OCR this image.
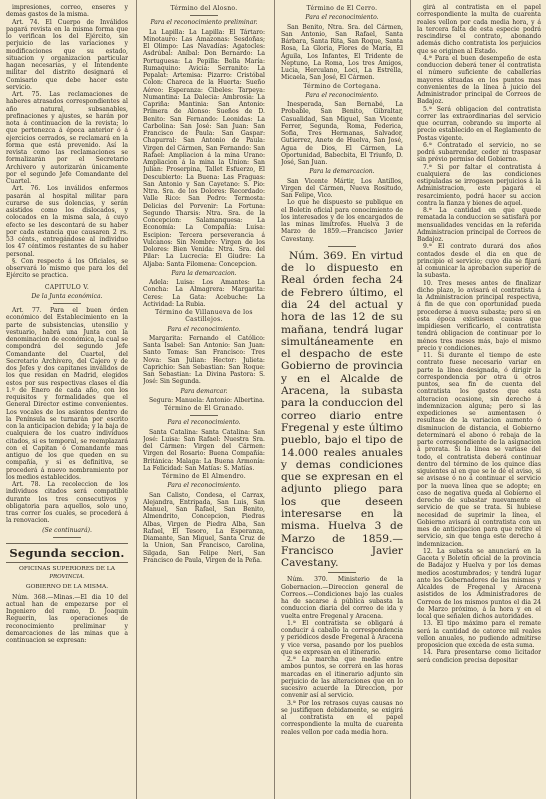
impresiones, correo, enseres y demas gastos de la misma.

Art. 74. El Cuerpo de Inválidos pagará revista en la misma forma que lo verifican los del Ejército, sin perjuicio de las variaciones y modificaciones que su estado, situacion y organizacion particular hagan necesarias, y el Intendente militar del distrito designará el Comisario que debe hacer este servicio.

Art. 75. Las reclamaciones de haberes atrasados correspondientes al año natural, subsanables, prefinaciones y ajustes, se harán por nota á continuacion de la revista; lo que pertenezca á época anterior ó á ejercicios cerrados, se reclamará en la forma que está prevenido. Así la revista como las reclamaciones se formalizarán por el Secretario Archivero y autorizarán únicamente por el segundo Jefe Comandante del Cuartel.

Art. 76. Los inválidos enfermos pasarán al hospital militar para curarse de sus dolencias, y serán asistidos como los dislocados, y colocados en la misma sala, á cuyo efecto se les descontará de su haber por cada estancia que causaren 2 rs. 53 cénts., entregándose al individuo los 47 céntimos restantes de su haber personal.

§. Con respecto á los Oficiales, se observará lo mismo que para los del Ejército se practica.

CAPITULO V.

De la Junta económica.

Art. 77. Para el buen órden económico del Establecimiento en la parte de subsistencias, utensilio y vestuario, habrá una Junta con la denominacion de económica, la cual se compondrá del segundo Jefe Comandante del Cuartel, del Secretario Archivero, del Cajero y de dos Jefes y dos capitanes inválidos de los que residan en Madrid, elegidos estos por sus respectivas clases el día 1.º de Enero de cada año, con los requisitos y formalidades que el General Director estime convenientes. Los vocales de los asientos dentro de la Península se turnarán por escrito con la anticipacion debida; y la baja de cualquiera de los cuatro individuos citados, si es temporal, se reemplazará con el Capitan ó Comandante mas antiguo de los que queden en su compañía, y si es definitiva, se procederá á nuevo nombramiento por los medios establecidos.

Art. 78. La recoleccion de los individuos citados será compatible durante los tres consecutivos y obligatoria para aquellos, solo uno, tras correr los cuales, se procederá á la renovacion.

(Se continuará).

Segunda seccion.

OFICINAS SUPERIORES DE LA

PROVINCIA.

GOBIERNO DE LA MISMA.

Núm. 368.—Minas.—El dia 10 del actual han de empezarse por el Ingeniero del ramo, D. Joaquin Reguerin, las operaciones de reconocimiento preliminar y demarcaciones de las minas que a continuacion se expresan:

Término del Alosno.

Para el reconocimiento preliminar.

La Lapilla: La Lapilla: El Tártaro: Minotauro: Las Amazonas: Sesdoñas; El Olimpo: Las Navadías: Agatocles: Asdrúbal: Aníbal: Don Bernardo: La Portuguesa: La Pepilla: Bella María: Rumaquino: Avicia: Serranito: La Pepalat: Artemisa: Pizarro: Cristóbal Colon: Chareca de la Huerta: Sueño Aéreo: Esperanza: Cibeles: Tarpeya: Numantina: La Dalecia: Ambrosia: La Capriña: Mantinia: San Antonio: Primera de Alonso: Sueños de D. Benito: San Fernando: Leonidas: La Carbolina: San José: San Juan: San Francisco de Paula: San Gaspar: Chapurral: San Antonio de Paula: Virgen del Cármen, San Fernando: San Rafael: Ampliacion á la mina Urano: Ampliacion á la mina la Union: San Julian: Proserpina, Tallet Esfuerzo, El Descubierto: La Buena: Las Fraguas: San Antonio y San Cayetano: S. Pio: Ntra. Sra. de los Dolores: Recordado: Valle Rico: San Pedro: Termosta: Delicias del Porvenir: La Fortuna: Segundo Tharsis: Ntra. Sra. de la Concepcion: Salamanquesa: La Economía: La Compañía: Luisa: Escipion: Tercera perseverancia á Vulcanos: Sin Nombre: Virgen de los Dolores: Bien Venida: Ntra. Sra. del Pilar: La Lucrecia: El Giudre: La Aljaba: Santa Filomena: Concepcion.

Para la demarcacion.

Adela: Luisa: Los Amantes: La Concha: La Almagrera: Margarita: Ceres: La Gata: Acebuche: La Actividad: La Rubia.

Término de Villanueva de los Castillejos.

Para el reconocimiento.

Margarita: Fernando el Católico: Santa Isabel: San Antonio: San Juan: Santo Tomas: San Francisco: Tres Nova: San Julian: Hector: Julieta: Caprichio: San Sebastian: San Roque: San Sebastian: La Divina Pastora: S. José: Sin Segunda.

Para demarcar.

Segura: Manuela: Antonio: Albertina.

Término de El Granado.

Para el reconocimiento.

Santa Catalina: Santa Catalina: San José: Luisa: San Rafael: Nuestra Sra. del Cármen: Virgen del Cármen: Virgen del Rosario: Buena Compañía: Británica: Malaga: La Buena Armonía: La Felicidad: San Matías: S. Matías.

Término de El Almendro.

Para el reconocimiento.

San Calisto, Condesa, el Carrax, Alejandra, Entripada, San Luis, San Manuel, San Rafael, San Benito, Almendrito, Concepcion, Piedras Albas, Virgen de Piedra Alba, San Rafael, El Tesoro, La Esperanza, Diamante, San Miguel, Santa Cruz de la Union, San Francisco, Carolina, Silgada, San Felipe Neri, San Francisco de Paula, Virgen de la Peña.

Término de El Cerro.

Para el reconocimiento.

San Benito, Ntra. Sra. del Cármen, San Antonio, San Rafael, Santa Bárbara, Santa Rita, San Roque, Santa Rosa, La Gloria, Flores de María, El Águila, Los Infantes, El Tridente de Neptuno, La Roma, Los tres Amigos, Lucia, Herculano, Loci, La Estrella, Micaela, San José, El Cármen.

Término de Cortegana.

Para el reconocimiento.

Inesperada, San Bernabé, La Probable, San Benito, Gibraltar, Casualidad, San Miguel, San Vicente Ferrer, Segunda, Roma, Federica, Sofia, Tres Hermanas, Salvador, Gutierrez, Anete de Huelva, San José, Agua de Dios, El Cármen, La Oportunidad, Babecbita, El Triunfo, D. José, San Juan.

Para la demarcacion.

San Vicente Mártir, Los Antillos, Virgen del Cármen, Nueva Rositudo, San Felipe, Vico.

Lo que he dispuesto se publique en el Boletín oficial para conocimiento de los interesados y de los encargados de las minas limítrofes. Huelva 3 de Marzo de 1859.—Francisco Javier Cavestany.

Núm. 369. En virtud de lo dispuesto en Real órden fecha 24 de Febrero último, el dia 24 del actual y hora de las 12 de su mañana, tendrá lugar simultáneamente en el despacho de este Gobierno de provincia y en el Alcalde de Aracena, la subasta para la conduccion del correo diario entre Fregenal y este último pueblo, bajo el tipo de 14.000 reales anuales y demas condiciones que se expresan en el adjunto pliego para los que deseen interesarse en la misma. Huelva 3 de Marzo de 1859.—Francisco Javier Cavestany.

Núm. 370. Ministerio de la Gobernacion.—Direccion general de Correos.—Condiciones bajo las cuales ha de sacarse á pública subasta la conduccion diaria del correo de ida y vuelta entre Fregenal y Aracena.

1.ª El contratista se obligará á conducir á caballo la correspondencia y periódicos desde Fregenal á Aracena y vice versa, pasando por los pueblos que se expresan en el itinerario.

2.ª La marcha que medie entre ambos puntos, se correrá en las horas marcadas en el itinerario adjunto sin perjuicio de las alteraciones que en lo sucesivo acuerde la Direccion, por convenir así al servicio.

3.ª Por los retrasos cuyas causas no se justifiquen debidamente, se exigirá al contratista en el papel correspondiente la multa de cuarenta reales vellon por cada media hora.

girá al contratista en el papel correspondiente la multa de cuarenta reales vellon por cada media hora, y á la tercera falta de esta especie podrá rescindirse el contrato, abonando además dicho contratista los perjuicios que se originen al Estado.

4.ª Para el buen desempeño de esta conduccion deberá tener el contratista el número suficiente de caballerías mayores situadas en los puntos mas convenientes de la línea á juicio del Administrador principal de Correos de Badajoz.

5.ª Será obligacion del contratista correr las extraordinarias del servicio que ocurran, cobrando su importe al precio establecido en el Reglamento de Postas vigente.

6.ª Contratado el servicio, no se podrá subarrendar, ceder ni traspasar sin prévio permiso del Gobierno.

7.ª Si por faltar el contratista á cualquiera de las condiciones estipuladas se irrogasen perjuicios á la Administracion, este pagará el resarcimiento, podrá hacer su accion contra la fianza y bienes de aquel.

8.ª La cantidad en que quede rematada la conduccion se satisfará por mensualidades vencidas en la referida Administracion principal de Correos de Badajoz.

9.ª El contrato durará dos años contados desde el dia en que de principio el servicio; cuyo dia se fijará al comunicar la aprobacion superior de la subasta.

10. Tres meses antes de finalizar dicho plazo, lo avisará el contratista á la Administracion principal respectiva, á fin de que con oportunidad pueda procederse á nueva subasta; pero si en esta época existiesen causas que impidiesen verificarlo, el contratista tendrá obligacion de continuar por lo ménos tres meses más, bajo el mismo precio y condiciones.

11. Si durante el tiempo de este contrato fuese necesario variar en parte la línea designada, ó dirigir la correspondencia por otra ú otros puntos, sea fin de cuenta del contratista los gastos que esta alteracion ocasione, sin derecho á indemnizacion alguna; pero si las expediciones se aumentasen ó resultase de la variacion aumento ó disminucion de distancia, el Gobierno determinará el abono ó rebaja de la parte correspondiente de la asignacion á prorata. Si la línea se variase del todo, el contratista deberá continuar dentro del término de los quince días siguientes al en que se le dé el aviso, si se avisase ó no á continuar el servicio por la nueva línea que se adopte; en caso de negativa queda al Gobierno el derecho de subastar nuevamente el servicio de que se trata. Si hubiese necesidad de suprimir la línea, el Gobierno avisará al contratista con un mes de anticipacion para que retire el servicio, sin que tenga este derecho á indemnizacion.

12. La subasta se anunciará en la Gaceta y Boletín oficial de la provincia de Badajoz y Huelva y por los demas medios acostumbrados; y tendrá lugar ante los Gobernadores de las mismas y Alcaldes de Fregenal y Aracena asistidos de los Administradores de Correos de los mismos puntos el dia 24 de Marzo próximo, á la hora y en el local que señalen dichos autoridades.

13. El tipo máximo para el remate será la cantidad de catorce mil reales vellon anuales, no pudiendo admitirse proposicion que exceda de esta suma.

14. Para presentarse como licitador será condicion precisa depositar
